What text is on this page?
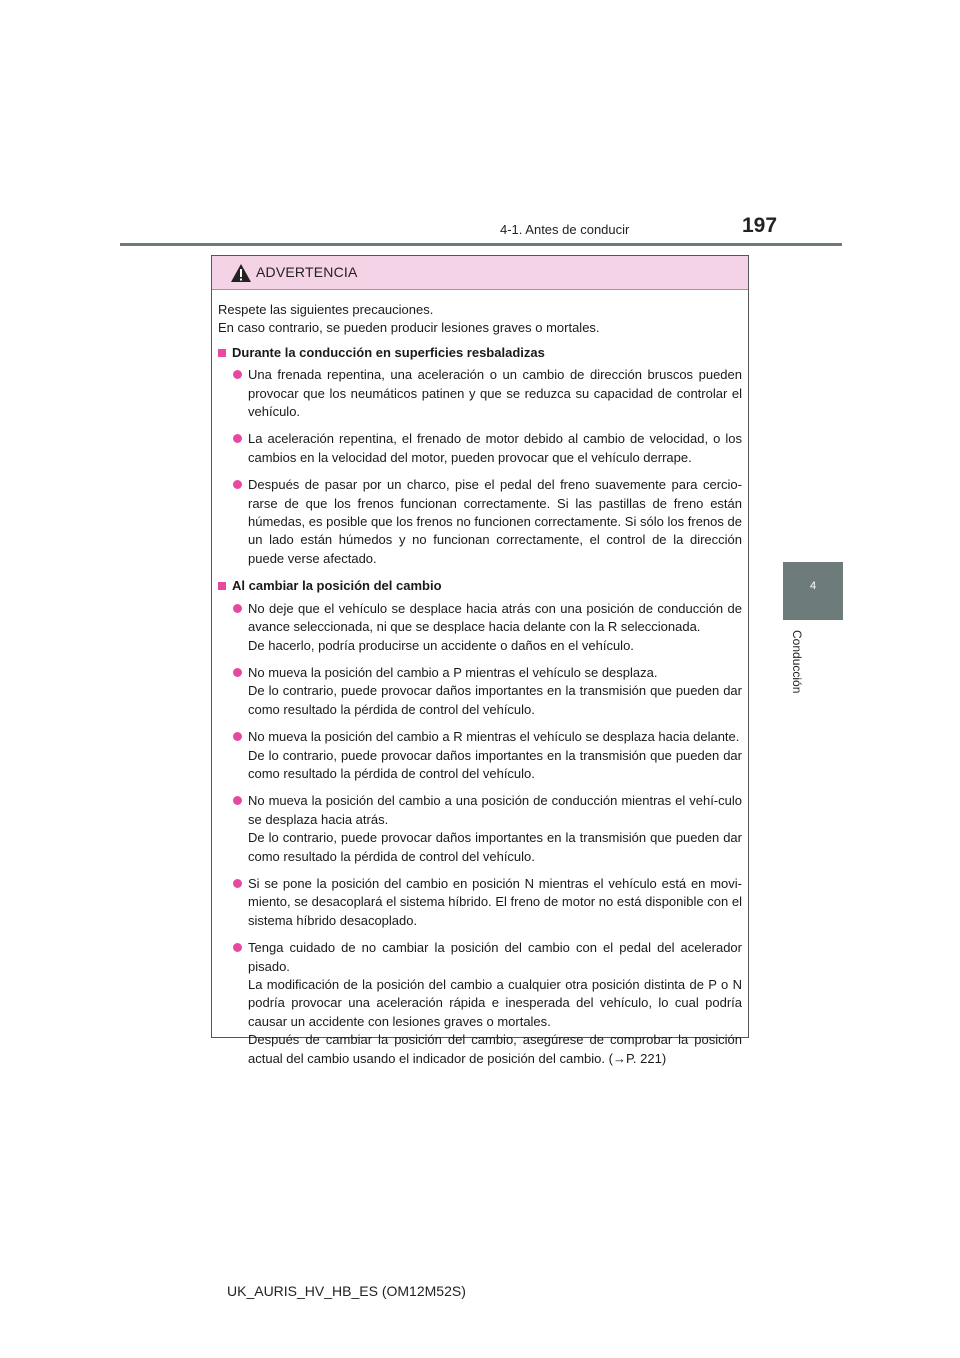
4-1. Antes de conducir	197
4
Conducción
ADVERTENCIA

Respete las siguientes precauciones.

En caso contrario, se pueden producir lesiones graves o mortales.

Durante la conducción en superficies resbaladizas

Una frenada repentina, una aceleración o un cambio de dirección bruscos pueden provocar que los neumáticos patinen y que se reduzca su capacidad de controlar el vehículo.

La aceleración repentina, el frenado de motor debido al cambio de velocidad, o los cambios en la velocidad del motor, pueden provocar que el vehículo derrape.

Después de pasar por un charco, pise el pedal del freno suavemente para cercio-rarse de que los frenos funcionan correctamente. Si las pastillas de freno están húmedas, es posible que los frenos no funcionen correctamente. Si sólo los frenos de un lado están húmedos y no funcionan correctamente, el control de la dirección puede verse afectado.

Al cambiar la posición del cambio

No deje que el vehículo se desplace hacia atrás con una posición de conducción de avance seleccionada, ni que se desplace hacia delante con la R seleccionada.

De hacerlo, podría producirse un accidente o daños en el vehículo.

No mueva la posición del cambio a P mientras el vehículo se desplaza.

De lo contrario, puede provocar daños importantes en la transmisión que pueden dar como resultado la pérdida de control del vehículo.

No mueva la posición del cambio a R mientras el vehículo se desplaza hacia delante.

De lo contrario, puede provocar daños importantes en la transmisión que pueden dar como resultado la pérdida de control del vehículo.

No mueva la posición del cambio a una posición de conducción mientras el vehí-culo se desplaza hacia atrás.

De lo contrario, puede provocar daños importantes en la transmisión que pueden dar como resultado la pérdida de control del vehículo.

Si se pone la posición del cambio en posición N mientras el vehículo está en movi-miento, se desacoplará el sistema híbrido. El freno de motor no está disponible con el sistema híbrido desacoplado.

Tenga cuidado de no cambiar la posición del cambio con el pedal del acelerador pisado.

La modificación de la posición del cambio a cualquier otra posición distinta de P o N podría provocar una aceleración rápida e inesperada del vehículo, lo cual podría causar un accidente con lesiones graves o mortales.

Después de cambiar la posición del cambio, asegúrese de comprobar la posición actual del cambio usando el indicador de posición del cambio. (→P. 221)

UK_AURIS_HV_HB_ES (OM12M52S)
